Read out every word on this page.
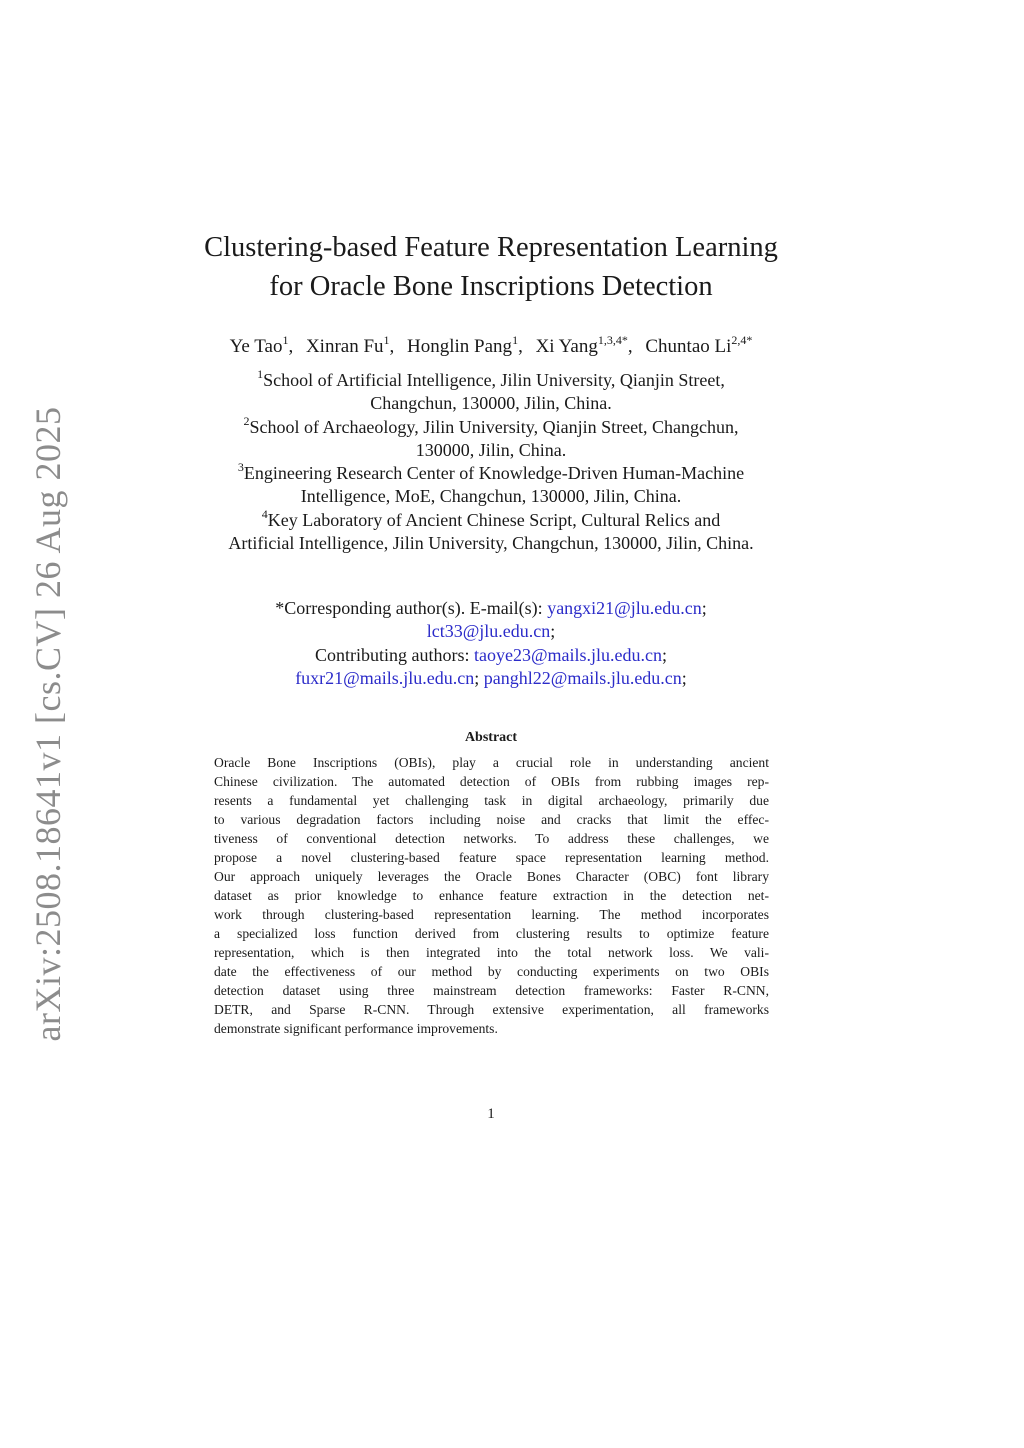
arXiv:2508.18641v1 [cs.CV] 26 Aug 2025
Clustering-based Feature Representation Learning
for Oracle Bone Inscriptions Detection
Ye Tao$^1$, Xinran Fu$^1$, Honglin Pang$^1$, Xi Yang$^{1,3,4*}$, Chuntao $Li^{2,4*}$
$^1$School of Artificial Intelligence, Jilin University, Qianjin Street,
Changchun, 130000, Jilin, China.
$^2$School of Archaeology, Jilin University, Qianjin Street, Changchun,
130000, Jilin, China.
$^3$Engineering Research Center of Knowledge-Driven Human-Machine
Intelligence, MoE, Changchun, 130000, Jilin, China.
$^4$Key Laboratory of Ancient Chinese Script, Cultural Relics and
Artificial Intelligence, Jilin University, Changchun, 130000, Jilin, China.
*Corresponding author(s). E-mail(s): yangxi21@jlu.edu.cn;
lct33@jlu.edu.cn;
Contributing authors: taoye23@mails.jlu.edu.cn;
fuxr21@mails.jlu.edu.cn; panghl22@mails.jlu.edu.cn;
Abstract
Oracle Bone Inscriptions (OBIs), play a crucial role in understanding ancient
Chinese civilization. The automated detection of OBIs from rubbing images rep-
resents a fundamental yet challenging task in digital archaeology, primarily due
to various degradation factors including noise and cracks that limit the effec-
tiveness of conventional detection networks. To address these challenges, we
propose a novel clustering-based feature space representation learning method.
Our approach uniquely leverages the Oracle Bones Character (OBC) font library
dataset as prior knowledge to enhance feature extraction in the detection net-
work through clustering-based representation learning. The method incorporates
a specialized loss function derived from clustering results to optimize feature
representation, which is then integrated into the total network loss. We vali-
date the effectiveness of our method by conducting experiments on two OBIs
detection dataset using three mainstream detection frameworks: Faster R-CNN,
DETR, and Sparse R-CNN. Through extensive experimentation, all frameworks
demonstrate significant performance improvements.
1
